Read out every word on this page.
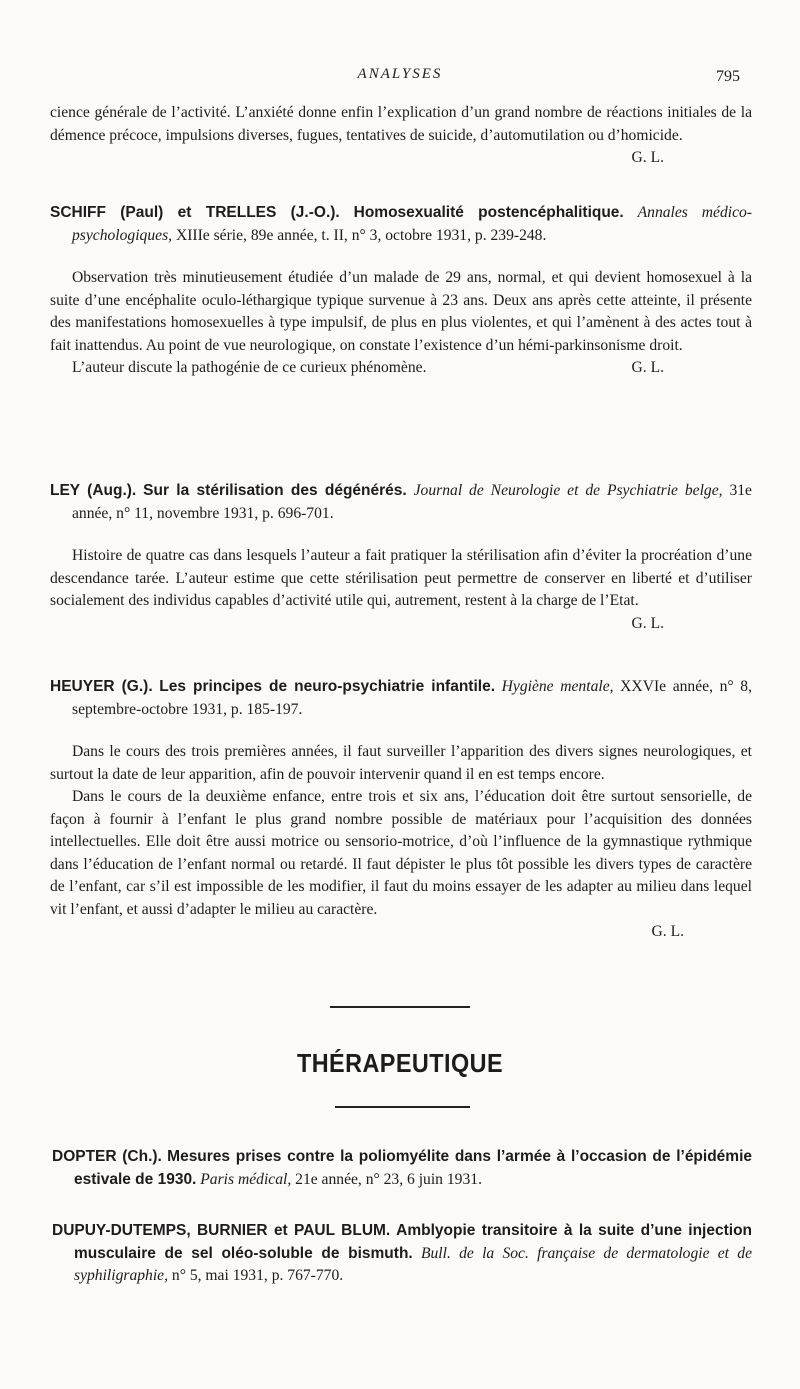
ANALYSES	795

cience générale de l’activité. L’anxiété donne enfin l’explication d’un grand nombre de réactions initiales de la démence précoce, impulsions diverses, fugues, tentatives de suicide, d’automutilation ou d’homicide.
G. L.

SCHIFF (Paul) et TRELLES (J.-O.). Homosexualité postencéphalitique. Annales médico-psychologiques, XIIIe série, 89e année, t. II, n° 3, octobre 1931, p. 239-248.

Observation très minutieusement étudiée d’un malade de 29 ans, normal, et qui devient homosexuel à la suite d’une encéphalite oculo-léthargique typique survenue à 23 ans. Deux ans après cette atteinte, il présente des manifestations homosexuelles à type impulsif, de plus en plus violentes, et qui l’amènent à des actes tout à fait inattendus. Au point de vue neurologique, on constate l’existence d’un hémi-parkinsonisme droit.

L’auteur discute la pathogénie de ce curieux phénomène.	G. L.

LEY (Aug.). Sur la stérilisation des dégénérés. Journal de Neurologie et de Psychiatrie belge, 31e année, n° 11, novembre 1931, p. 696-701.

Histoire de quatre cas dans lesquels l’auteur a fait pratiquer la stérilisation afin d’éviter la procréation d’une descendance tarée. L’auteur estime que cette stérilisation peut permettre de conserver en liberté et d’utiliser socialement des individus capables d’activité utile qui, autrement, restent à la charge de l’Etat.
G. L.

HEUYER (G.). Les principes de neuro-psychiatrie infantile. Hygiène mentale, XXVIe année, n° 8, septembre-octobre 1931, p. 185-197.

Dans le cours des trois premières années, il faut surveiller l’apparition des divers signes neurologiques, et surtout la date de leur apparition, afin de pouvoir intervenir quand il en est temps encore.

Dans le cours de la deuxième enfance, entre trois et six ans, l’éducation doit être surtout sensorielle, de façon à fournir à l’enfant le plus grand nombre possible de matériaux pour l’acquisition des données intellectuelles. Elle doit être aussi motrice ou sensorio-motrice, d’où l’influence de la gymnastique rythmique dans l’éducation de l’enfant normal ou retardé. Il faut dépister le plus tôt possible les divers types de caractère de l’enfant, car s’il est impossible de les modifier, il faut du moins essayer de les adapter au milieu dans lequel vit l’enfant, et aussi d’adapter le milieu au caractère.

G. L.

THÉRAPEUTIQUE

DOPTER (Ch.). Mesures prises contre la poliomyélite dans l’armée à l’occasion de l’épidémie estivale de 1930. Paris médical, 21e année, n° 23, 6 juin 1931.

DUPUY-DUTEMPS, BURNIER et PAUL BLUM. Amblyopie transitoire à la suite d’une injection musculaire de sel oléo-soluble de bismuth. Bull. de la Soc. française de dermatologie et de syphiligraphie, n° 5, mai 1931, p. 767-770.
